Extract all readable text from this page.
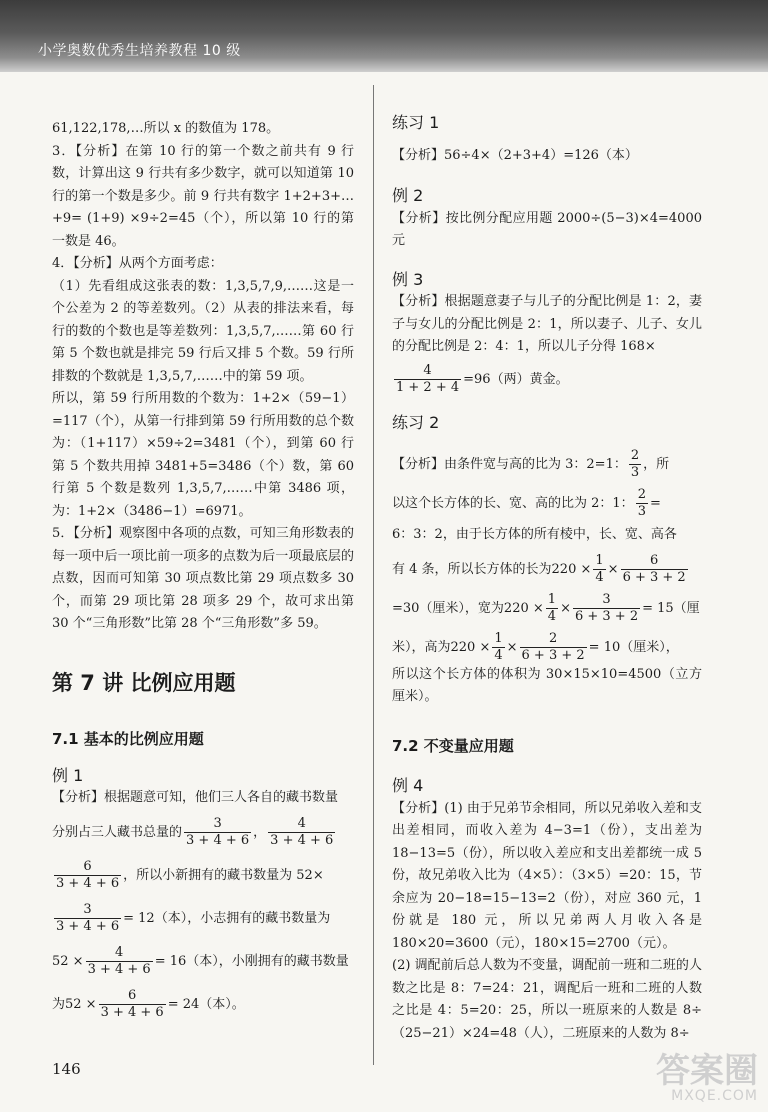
小学奥数优秀生培养教程 10 级

61,122,178,…所以 x 的数值为 178。

3．【分析】在第 10 行的第一个数之前共有 9 行数，计算出这 9 行共有多少数字，就可以知道第 10 行的第一个数是多少。前 9 行共有数字 1+2+3+…+9= (1+9) ×9÷2=45（个），所以第 10 行的第一数是 46。

4．【分析】从两个方面考虑：

（1）先看组成这张表的数：1,3,5,7,9,……这是一个公差为 2 的等差数列。（2）从表的排法来看，每行的数的个数也是等差数列：1,3,5,7,……第 60 行第 5 个数也就是排完 59 行后又排 5 个数。59 行所排数的个数就是 1,3,5,7,……中的第 59 项。

所以，第 59 行所用数的个数为：1+2×（59−1）=117（个），从第一行排到第 59 行所用数的总个数为：（1+117）×59÷2=3481（个），到第 60 行第 5 个数共用掉 3481+5=3486（个）数，第 60 行第 5 个数是数列 1,3,5,7,……中第 3486 项，为：1+2×（3486−1）=6971。

5．【分析】观察图中各项的点数，可知三角形数表的每一项中后一项比前一项多的点数为后一项最底层的点数，因而可知第 30 项点数比第 29 项点数多 30 个，而第 29 项比第 28 项多 29 个，故可求出第 30 个“三角形数”比第 28 个“三角形数”多 59。

第 7 讲 比例应用题
7.1 基本的比例应用题
例 1

【分析】根据题意可知，他们三人各自的藏书数量

分别占三人藏书总量的 $\frac{3}{3 + 4 + 6}$ ， $\frac{4}{3 + 4 + 6}$
$\frac{6}{3 + 4 + 6}$ ，所以小新拥有的藏书数量为 52×
$\frac{3}{3 + 4 + 6} = 12$（本），小志拥有的藏书数量为
$52 \times \frac{4}{3 + 4 + 6} = 16$（本），小刚拥有的藏书数量
为$52 \times \frac{6}{3 + 4 + 6} = 24$（本）。
练习 1

【分析】56÷4×（2+3+4）=126（本）

例 2

【分析】按比例分配应用题 2000÷(5−3)×4=4000 元

例 3

【分析】根据题意妻子与儿子的分配比例是 1：2，妻子与女儿的分配比例是 2：1，所以妻子、儿子、女儿的分配比例是 2：4：1，所以儿子分得 168×

$\frac{4}{1 + 2 + 4} =96$（两）黄金。
练习 2
【分析】由条件宽与高的比为 3：2=1： $\frac{2}{3}$ ，所
以这个长方体的长、宽、高的比为 2：1： $\frac{2}{3}$ =

6：3：2，由于长方体的所有棱中，长、宽、高各

有 4 条，所以长方体的长为$220 \times \frac{1}{4} \times \frac{6}{6 + 3 + 2}$
=30（厘米），宽为$220 \times \frac{1}{4} \times \frac{3}{6 + 3 + 2} = 15$（厘
米），高为$220 \times \frac{1}{4} \times \frac{2}{6 + 3 + 2} = 10$（厘米），

所以这个长方体的体积为 30×15×10=4500（立方厘米）。

7.2 不变量应用题
例 4

【分析】(1) 由于兄弟节余相同，所以兄弟收入差和支出差相同，而收入差为 4−3=1（份），支出差为 18−13=5（份），所以收入差应和支出差都统一成 5 份，故兄弟收入比为（4×5）：（3×5）=20：15，节余应为 20−18=15−13=2（份），对应 360 元，1 份就是 180 元，所以兄弟两人月收入各是 180×20=3600（元），180×15=2700（元）。

(2) 调配前后总人数为不变量，调配前一班和二班的人数之比是 8：7=24：21，调配后一班和二班的人数之比是 4：5=20：25，所以一班原来的人数是 8÷（25−21）×24=48（人），二班原来的人数为 8÷

146	答案圈
MXQE.COM
